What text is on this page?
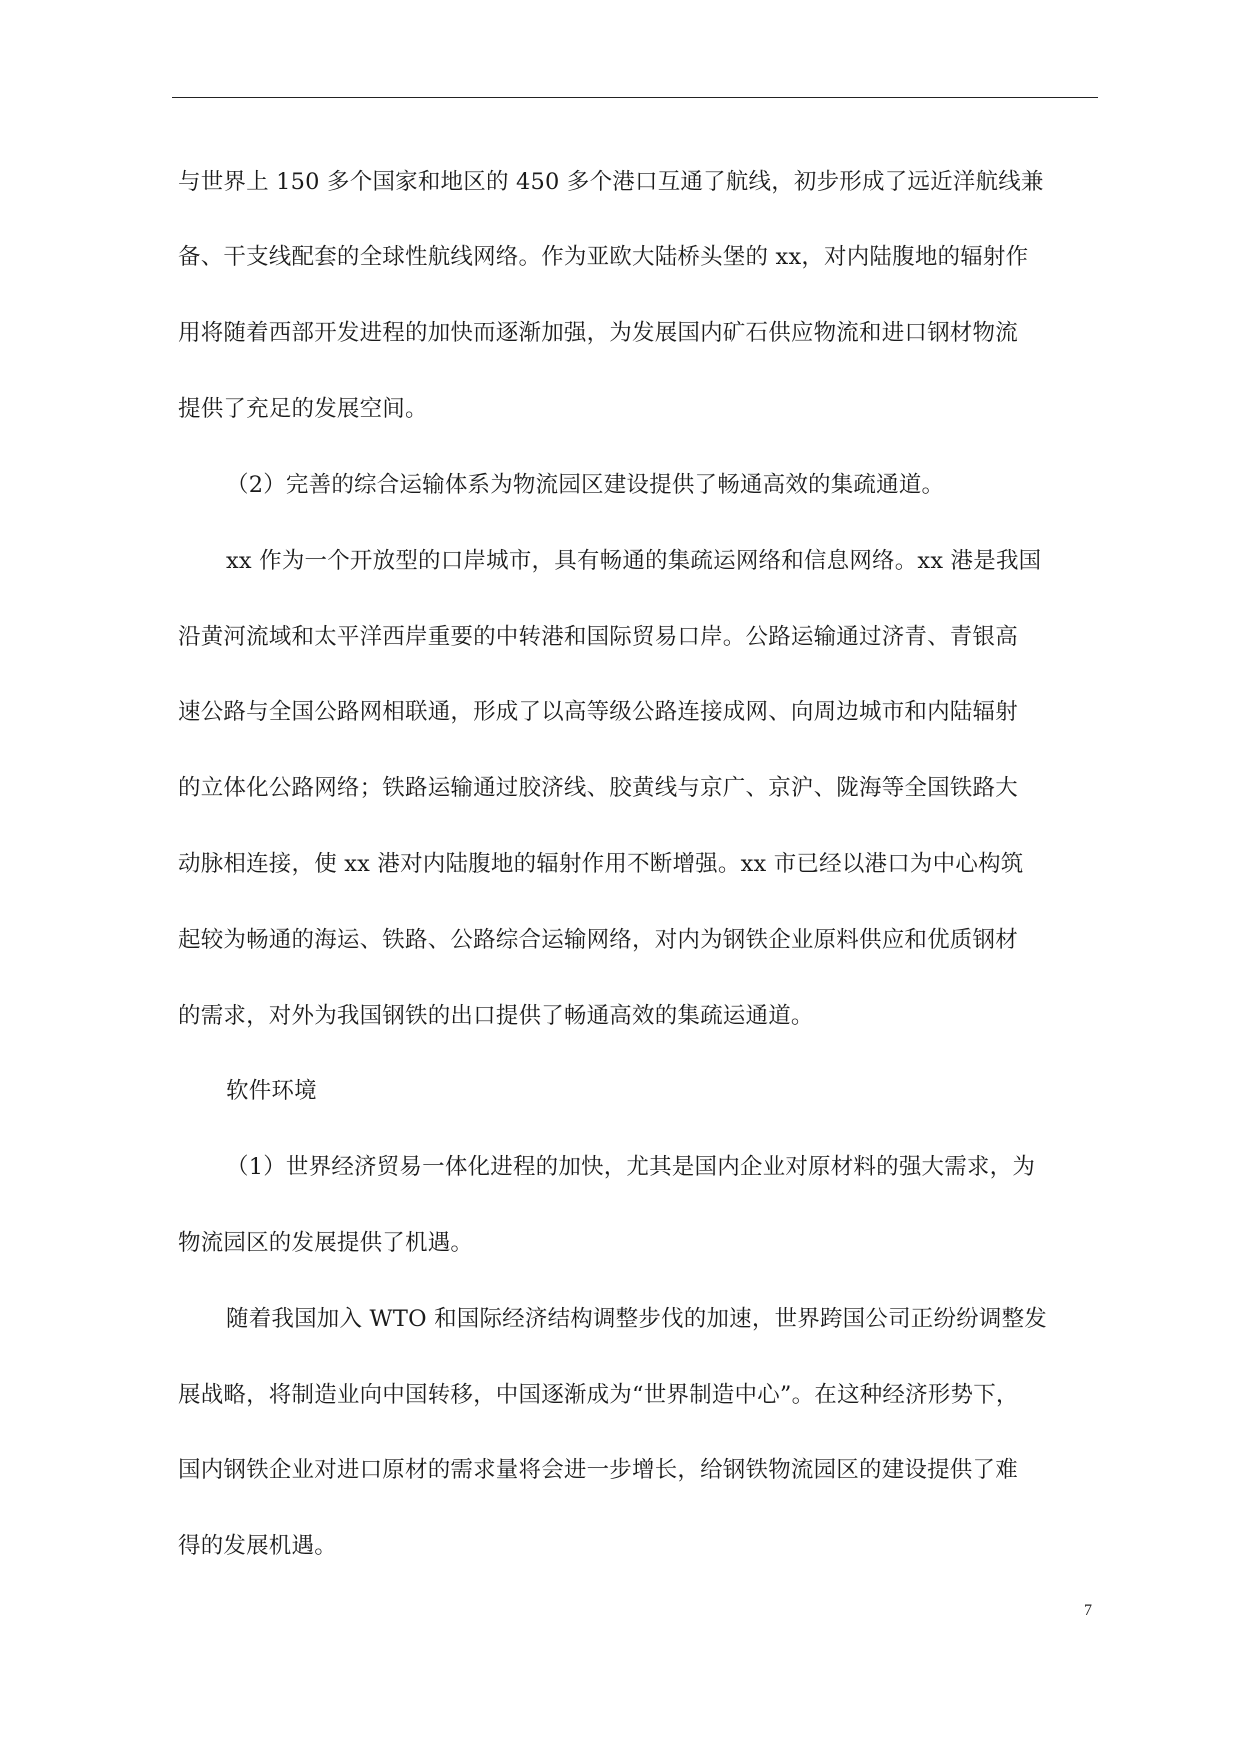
与世界上 150 多个国家和地区的 450 多个港口互通了航线，初步形成了远近洋航线兼
备、干支线配套的全球性航线网络。作为亚欧大陆桥头堡的 xx，对内陆腹地的辐射作
用将随着西部开发进程的加快而逐渐加强，为发展国内矿石供应物流和进口钢材物流
提供了充足的发展空间。
（2）完善的综合运输体系为物流园区建设提供了畅通高效的集疏通道。
xx 作为一个开放型的口岸城市，具有畅通的集疏运网络和信息网络。xx 港是我国
沿黄河流域和太平洋西岸重要的中转港和国际贸易口岸。公路运输通过济青、青银高
速公路与全国公路网相联通，形成了以高等级公路连接成网、向周边城市和内陆辐射
的立体化公路网络；铁路运输通过胶济线、胶黄线与京广、京沪、陇海等全国铁路大
动脉相连接，使 xx 港对内陆腹地的辐射作用不断增强。xx 市已经以港口为中心构筑
起较为畅通的海运、铁路、公路综合运输网络，对内为钢铁企业原料供应和优质钢材
的需求，对外为我国钢铁的出口提供了畅通高效的集疏运通道。
软件环境
（1）世界经济贸易一体化进程的加快，尤其是国内企业对原材料的强大需求，为
物流园区的发展提供了机遇。
随着我国加入 WTO 和国际经济结构调整步伐的加速，世界跨国公司正纷纷调整发
展战略，将制造业向中国转移，中国逐渐成为“世界制造中心”。在这种经济形势下，
国内钢铁企业对进口原材的需求量将会进一步增长，给钢铁物流园区的建设提供了难
得的发展机遇。
7
